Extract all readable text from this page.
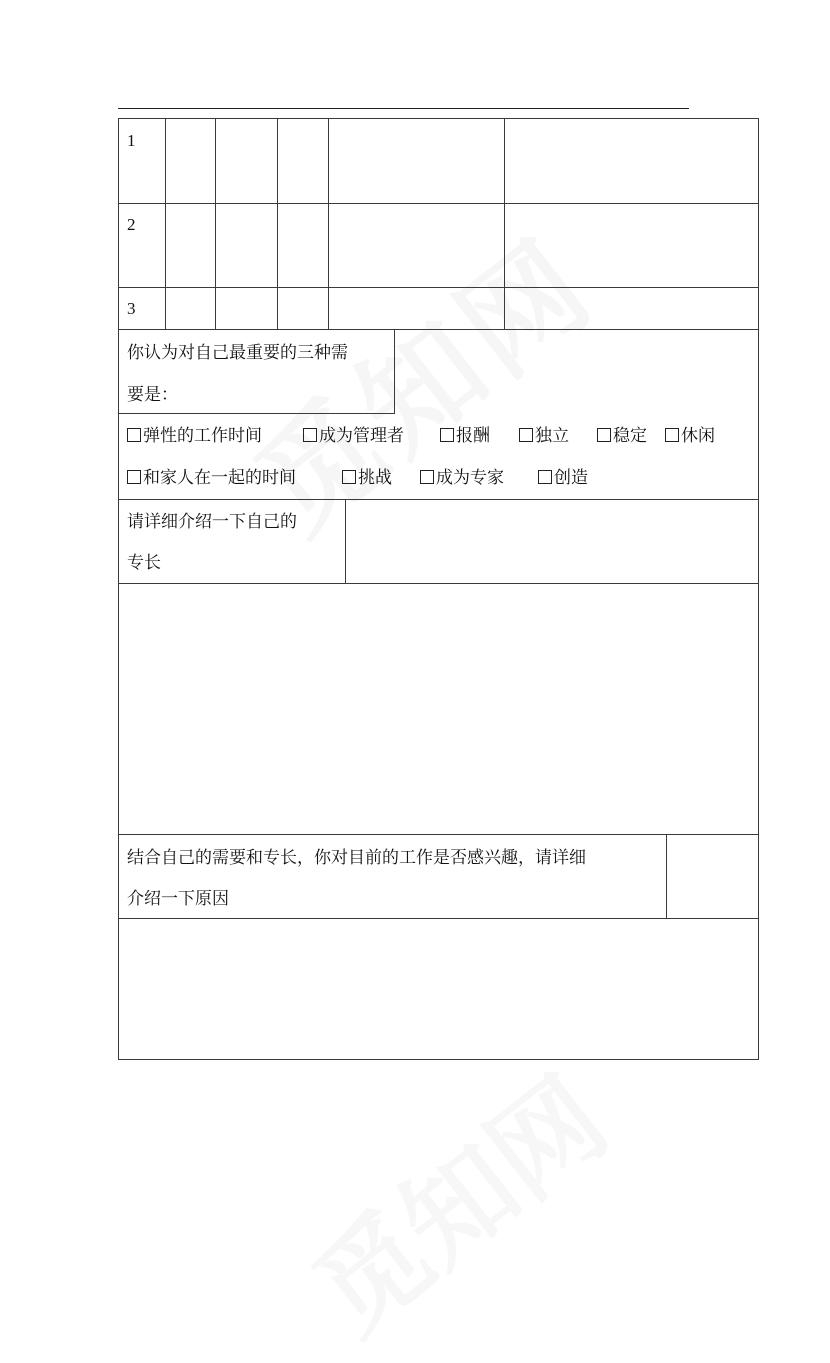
1
2
3
你认为对自己最重要的三种需
要是：
弹性的工作时间	成为管理者	报酬	独立	稳定	休闲
和家人在一起的时间	挑战	成为专家	创造
请详细介绍一下自己的
专长
结合自己的需要和专长，你对目前的工作是否感兴趣，请详细
介绍一下原因
